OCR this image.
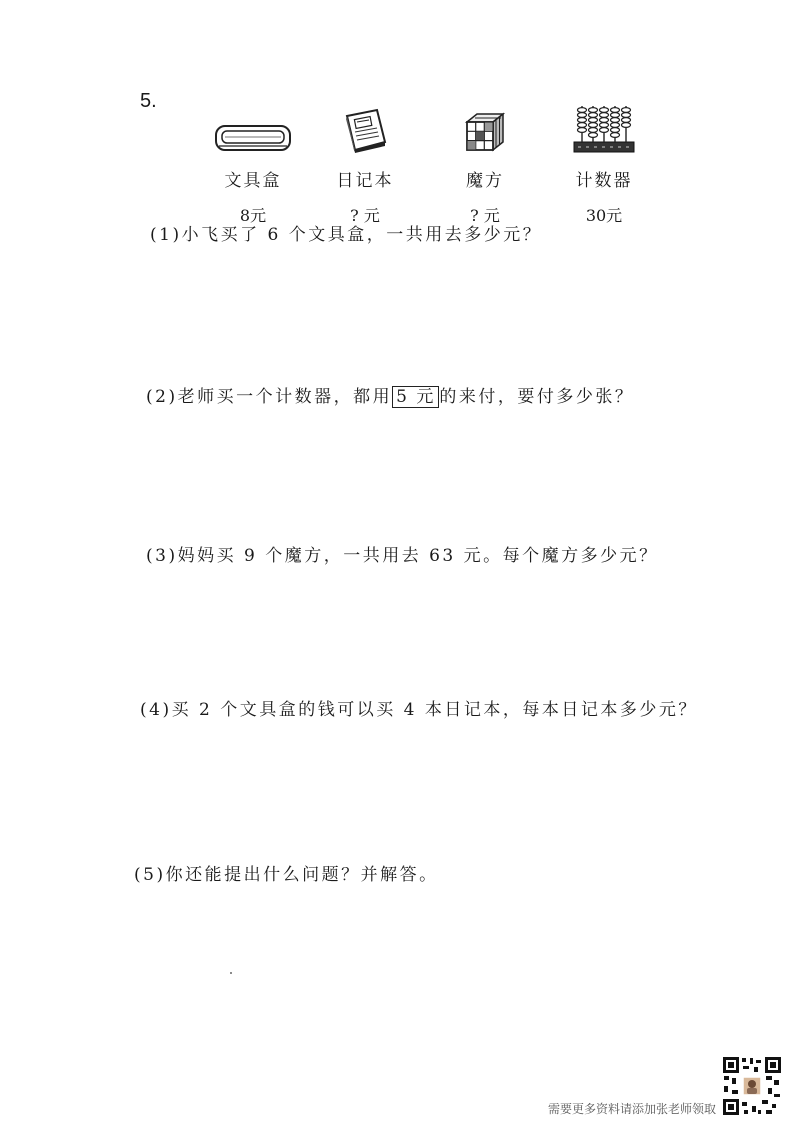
5.
文具盒
8元
日记本
? 元
魔方
? 元
计数器
30元
(1)小飞买了 6 个文具盒，一共用去多少元？
(2)老师买一个计数器，都用 5 元 的来付，要付多少张？
(3)妈妈买 9 个魔方，一共用去 63 元。每个魔方多少元？
(4)买 2 个文具盒的钱可以买 4 本日记本，每本日记本多少元？
(5)你还能提出什么问题？并解答。
需要更多资料请添加张老师领取
